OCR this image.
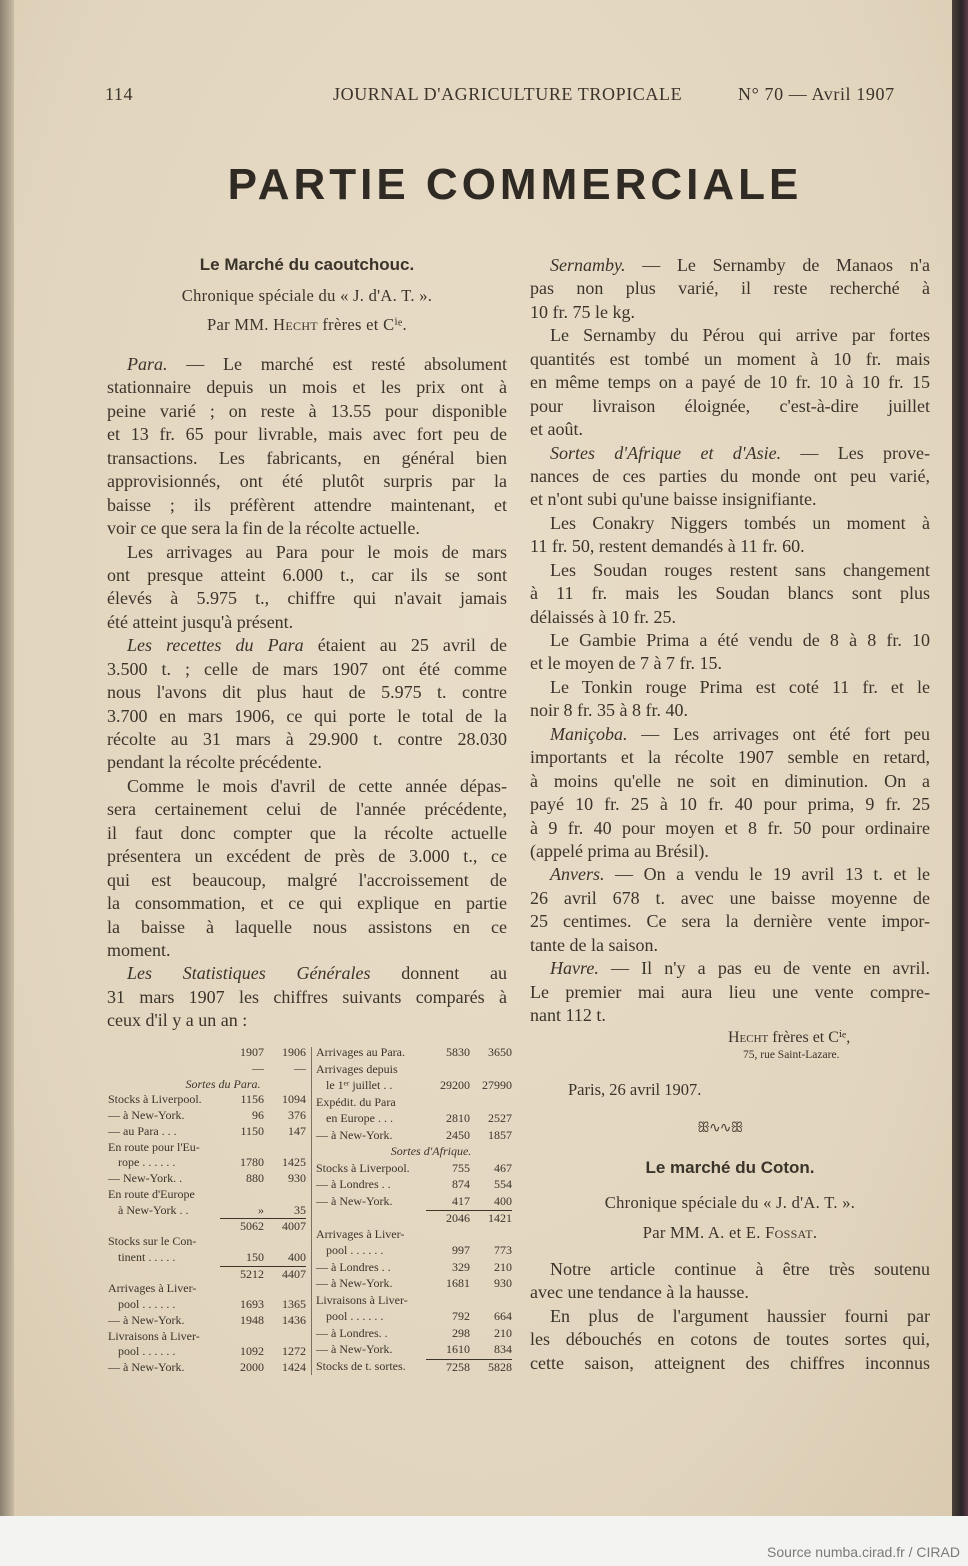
114	JOURNAL D'AGRICULTURE TROPICALE	N° 70 — Avril 1907
PARTIE COMMERCIALE
Le Marché du caoutchouc.
Chronique spéciale du « J. d'A. T. ».
Par MM. Hecht frères et Cⁱᵉ.
Para. — Le marché est resté absolument
stationnaire depuis un mois et les prix ont à
peine varié ; on reste à 13.55 pour disponible
et 13 fr. 65 pour livrable, mais avec fort peu de
transactions. Les fabricants, en général bien
approvisionnés, ont été plutôt surpris par la
baisse ; ils préfèrent attendre maintenant, et
voir ce que sera la fin de la récolte actuelle.
Les arrivages au Para pour le mois de mars
ont presque atteint 6.000 t., car ils se sont
élevés à 5.975 t., chiffre qui n'avait jamais
été atteint jusqu'à présent.
Les recettes du Para étaient au 25 avril de
3.500 t. ; celle de mars 1907 ont été comme
nous l'avons dit plus haut de 5.975 t. contre
3.700 en mars 1906, ce qui porte le total de la
récolte au 31 mars à 29.900 t. contre 28.030
pendant la récolte précédente.
Comme le mois d'avril de cette année dépas-
sera certainement celui de l'année précédente,
il faut donc compter que la récolte actuelle
présentera un excédent de près de 3.000 t., ce
qui est beaucoup, malgré l'accroissement de
la consommation, et ce qui explique en partie
la baisse à laquelle nous assistons en ce
moment.
Les Statistiques Générales donnent au
31 mars 1907 les chiffres suivants comparés à
ceux d'il y a un an :
1907	1906
—	—
Sortes du Para.
Stocks à Liverpool.	1156	1094
— à New-York.	96	376
— au Para . . .	1150	147
En route pour l'Eu-
rope . . . . . .	1780	1425
— New-York. .	880	930
En route d'Europe
à New-York . .	»	35
5062	4007
Stocks sur le Con-
tinent . . . . .	150	400
5212	4407
Arrivages à Liver-
pool . . . . . .	1693	1365
— à New-York.	1948	1436
Livraisons à Liver-
pool . . . . . .	1092	1272
— à New-York.	2000	1424
Arrivages au Para.	5830	3650
Arrivages depuis
le 1ᵉʳ juillet . .	29200	27990
Expédit. du Para
en Europe . . .	2810	2527
— à New-York.	2450	1857
Sortes d'Afrique.
Stocks à Liverpool.	755	467
— à Londres . .	874	554
— à New-York.	417	400
2046	1421
Arrivages à Liver-
pool . . . . . .	997	773
— à Londres . .	329	210
— à New-York.	1681	930
Livraisons à Liver-
pool . . . . . .	792	664
— à Londres. .	298	210
— à New-York.	1610	834
Stocks de t. sortes.	7258	5828
Sernamby. — Le Sernamby de Manaos n'a
pas non plus varié, il reste recherché à
10 fr. 75 le kg.
Le Sernamby du Pérou qui arrive par fortes
quantités est tombé un moment à 10 fr. mais
en même temps on a payé de 10 fr. 10 à 10 fr. 15
pour livraison éloignée, c'est-à-dire juillet
et août.
Sortes d'Afrique et d'Asie. — Les prove-
nances de ces parties du monde ont peu varié,
et n'ont subi qu'une baisse insignifiante.
Les Conakry Niggers tombés un moment à
11 fr. 50, restent demandés à 11 fr. 60.
Les Soudan rouges restent sans changement
à 11 fr. mais les Soudan blancs sont plus
délaissés à 10 fr. 25.
Le Gambie Prima a été vendu de 8 à 8 fr. 10
et le moyen de 7 à 7 fr. 15.
Le Tonkin rouge Prima est coté 11 fr. et le
noir 8 fr. 35 à 8 fr. 40.
Maniçoba. — Les arrivages ont été fort peu
importants et la récolte 1907 semble en retard,
à moins qu'elle ne soit en diminution. On a
payé 10 fr. 25 à 10 fr. 40 pour prima, 9 fr. 25
à 9 fr. 40 pour moyen et 8 fr. 50 pour ordinaire
(appelé prima au Brésil).
Anvers. — On a vendu le 19 avril 13 t. et le
26 avril 678 t. avec une baisse moyenne de
25 centimes. Ce sera la dernière vente impor-
tante de la saison.
Havre. — Il n'y a pas eu de vente en avril.
Le premier mai aura lieu une vente compre-
nant 112 t.
Hecht frères et Cⁱᵉ,
75, rue Saint-Lazare.
Paris, 26 avril 1907.
ꕥ∿∿ꕥ
Le marché du Coton.
Chronique spéciale du « J. d'A. T. ».
Par MM. A. et E. Fossat.
Notre article continue à être très soutenu
avec une tendance à la hausse.
En plus de l'argument haussier fourni par
les débouchés en cotons de toutes sortes qui,
cette saison, atteignent des chiffres inconnus
Source numba.cirad.fr / CIRAD
